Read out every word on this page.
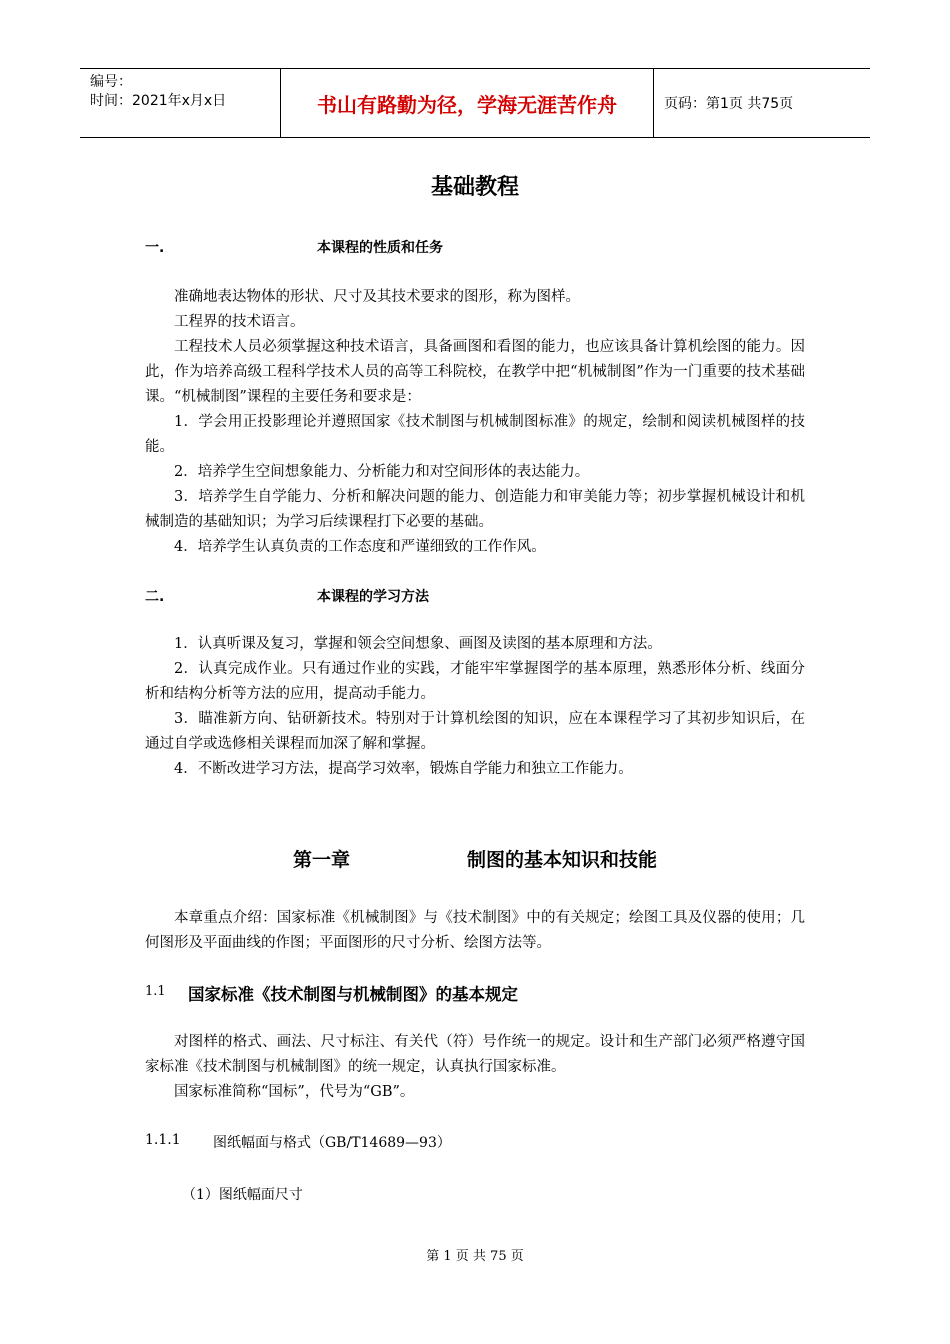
编号：
时间：2021年x月x日	书山有路勤为径，学海无涯苦作舟	页码：第1页 共75页
基础教程
一.	本课程的性质和任务

准确地表达物体的形状、尺寸及其技术要求的图形，称为图样。

工程界的技术语言。

工程技术人员必须掌握这种技术语言，具备画图和看图的能力，也应该具备计算机绘图的能力。因此，作为培养高级工程科学技术人员的高等工科院校，在教学中把“机械制图”作为一门重要的技术基础课。“机械制图”课程的主要任务和要求是：

1．学会用正投影理论并遵照国家《技术制图与机械制图标准》的规定，绘制和阅读机械图样的技能。

2．培养学生空间想象能力、分析能力和对空间形体的表达能力。

3．培养学生自学能力、分析和解决问题的能力、创造能力和审美能力等；初步掌握机械设计和机械制造的基础知识；为学习后续课程打下必要的基础。

4．培养学生认真负责的工作态度和严谨细致的工作作风。

二.	本课程的学习方法

1．认真听课及复习，掌握和领会空间想象、画图及读图的基本原理和方法。

2．认真完成作业。只有通过作业的实践，才能牢牢掌握图学的基本原理，熟悉形体分析、线面分析和结构分析等方法的应用，提高动手能力。

3．瞄准新方向、钻研新技术。特别对于计算机绘图的知识，应在本课程学习了其初步知识后，在通过自学或选修相关课程而加深了解和掌握。

4．不断改进学习方法，提高学习效率，锻炼自学能力和独立工作能力。

第一章	制图的基本知识和技能

本章重点介绍：国家标准《机械制图》与《技术制图》中的有关规定；绘图工具及仪器的使用；几何图形及平面曲线的作图；平面图形的尺寸分析、绘图方法等。

1.1 国家标准《技术制图与机械制图》的基本规定

对图样的格式、画法、尺寸标注、有关代（符）号作统一的规定。设计和生产部门必须严格遵守国家标准《技术制图与机械制图》的统一规定，认真执行国家标准。

国家标准简称“国标”，代号为“GB”。

1.1.1 图纸幅面与格式（GB/T14689—93）
（1）图纸幅面尺寸
第 1 页 共 75 页
